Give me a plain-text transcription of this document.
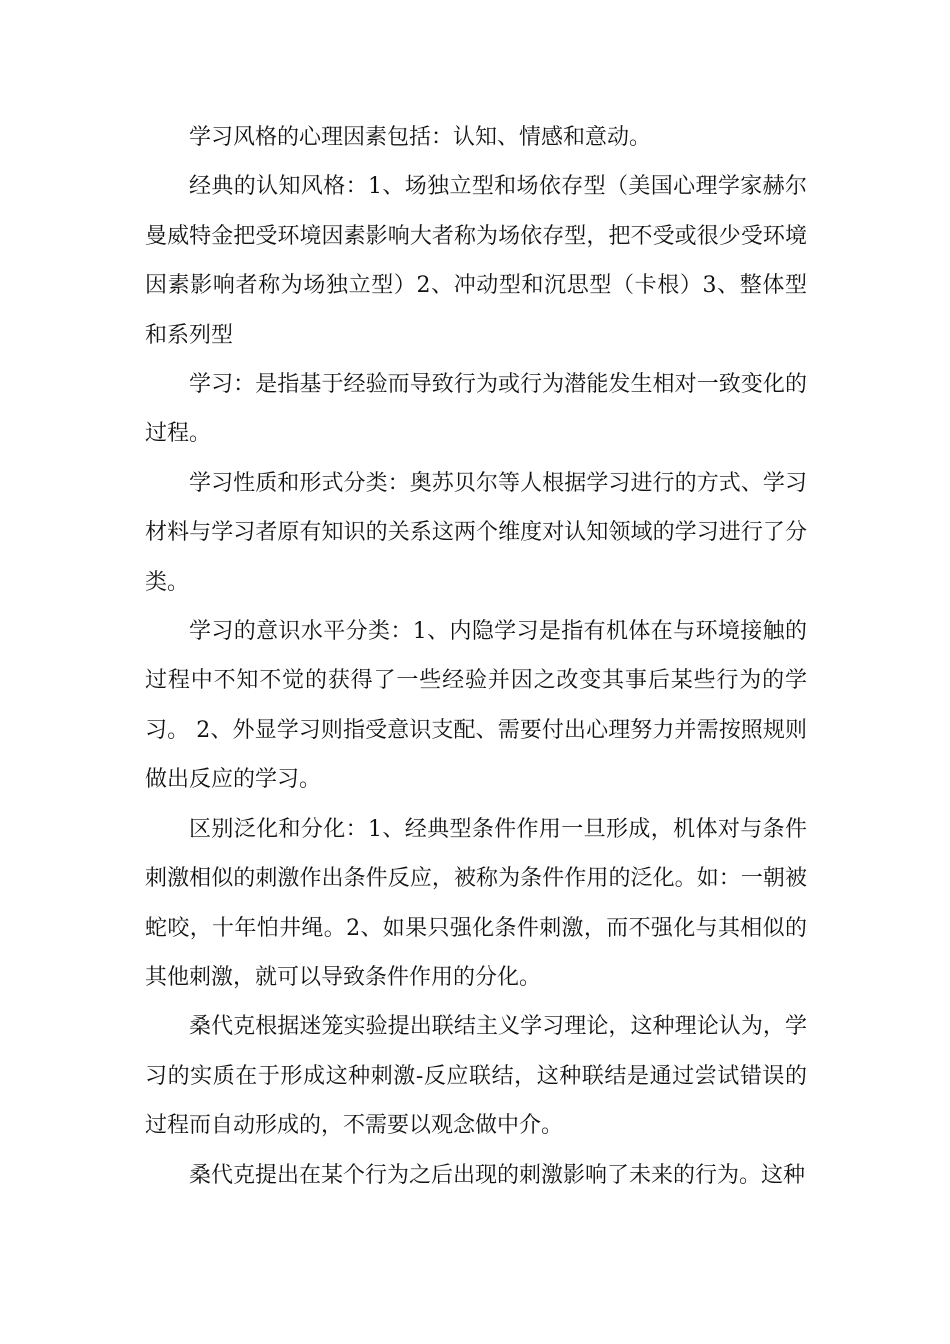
学习风格的心理因素包括：认知、情感和意动。

经典的认知风格：1、场独立型和场依存型（美国心理学家赫尔曼威特金把受环境因素影响大者称为场依存型，把不受或很少受环境因素影响者称为场独立型）2、冲动型和沉思型（卡根）3、整体型和系列型

学习：是指基于经验而导致行为或行为潜能发生相对一致变化的过程。

学习性质和形式分类：奥苏贝尔等人根据学习进行的方式、学习材料与学习者原有知识的关系这两个维度对认知领域的学习进行了分类。

学习的意识水平分类：1、内隐学习是指有机体在与环境接触的过程中不知不觉的获得了一些经验并因之改变其事后某些行为的学习。 2、外显学习则指受意识支配、需要付出心理努力并需按照规则做出反应的学习。

区别泛化和分化：1、经典型条件作用一旦形成，机体对与条件刺激相似的刺激作出条件反应，被称为条件作用的泛化。如：一朝被蛇咬，十年怕井绳。2、如果只强化条件刺激，而不强化与其相似的其他刺激，就可以导致条件作用的分化。

桑代克根据迷笼实验提出联结主义学习理论，这种理论认为，学习的实质在于形成这种刺激-反应联结，这种联结是通过尝试错误的过程而自动形成的，不需要以观念做中介。

桑代克提出在某个行为之后出现的刺激影响了未来的行为。这种
